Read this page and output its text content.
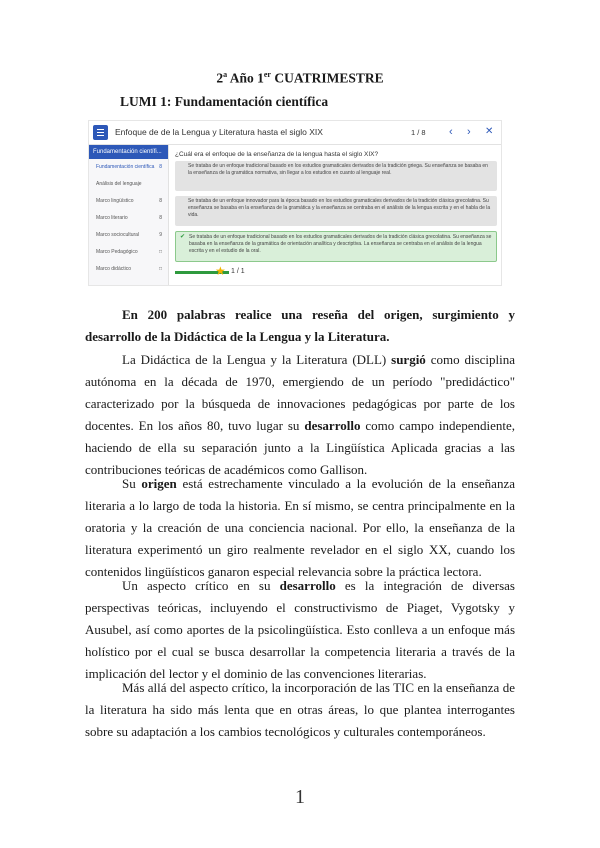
2$^a$ Año 1er CUATRIMESTRE
LUMI 1: Fundamentación científica
Enfoque de de la Lengua y Literatura hasta el siglo XIX	1 / 8 ‹ › ✕
Fundamentación científi...
Fundamentación científica 8
Análisis del lenguaje
Marco lingüístico	8
Marco literario	8
Marco sociocultural	9
Marco Pedagógico	□
Marco didáctico	□
¿Cuál era el enfoque de la enseñanza de la lengua hasta el siglo XIX?
Se trataba de un enfoque tradicional basado en los estudios gramaticales derivados de la tradición griega. Su enseñanza se basaba en la enseñanza de la gramática normativa, sin llegar a los estudios en cuanto al lenguaje real.
Se trataba de un enfoque innovador para la época basado en los estudios gramaticales derivados de la tradición clásica grecolatina. Su enseñanza se basaba en la enseñanza de la gramática y la enseñanza se centraba en el análisis de la lengua escrita y en el habla de la vida.
✔ Se trataba de un enfoque tradicional basado en los estudios gramaticales derivados de la tradición clásica grecolatina. Su enseñanza se basaba en la enseñanza de la gramática de orientación analítica y descriptiva. La enseñanza se centraba en el análisis de la lengua escrita y en el estudio de la oral.
★ 1 / 1

En 200 palabras realice una reseña del origen, surgimiento y desarrollo de la Didáctica de la Lengua y la Literatura.

La Didáctica de la Lengua y la Literatura (DLL) surgió como disciplina autónoma en la década de 1970, emergiendo de un período "predidáctico" caracterizado por la búsqueda de innovaciones pedagógicas por parte de los docentes. En los años 80, tuvo lugar su desarrollo como campo independiente, haciendo de ella su separación junto a la Lingüística Aplicada gracias a las contribuciones teóricas de académicos como Gallison.

Su origen está estrechamente vinculado a la evolución de la enseñanza literaria a lo largo de toda la historia. En sí mismo, se centra principalmente en la oratoria y la creación de una conciencia nacional. Por ello, la enseñanza de la literatura experimentó un giro realmente revelador en el siglo XX, cuando los contenidos lingüísticos ganaron especial relevancia sobre la práctica lectora.

Un aspecto crítico en su desarrollo es la integración de diversas perspectivas teóricas, incluyendo el constructivismo de Piaget, Vygotsky y Ausubel, así como aportes de la psicolingüística. Esto conlleva a un enfoque más holístico por el cual se busca desarrollar la competencia literaria a través de la implicación del lector y el dominio de las convenciones literarias.

Más allá del aspecto crítico, la incorporación de las TIC en la enseñanza de la literatura ha sido más lenta que en otras áreas, lo que plantea interrogantes sobre su adaptación a los cambios tecnológicos y culturales contemporáneos.

1
